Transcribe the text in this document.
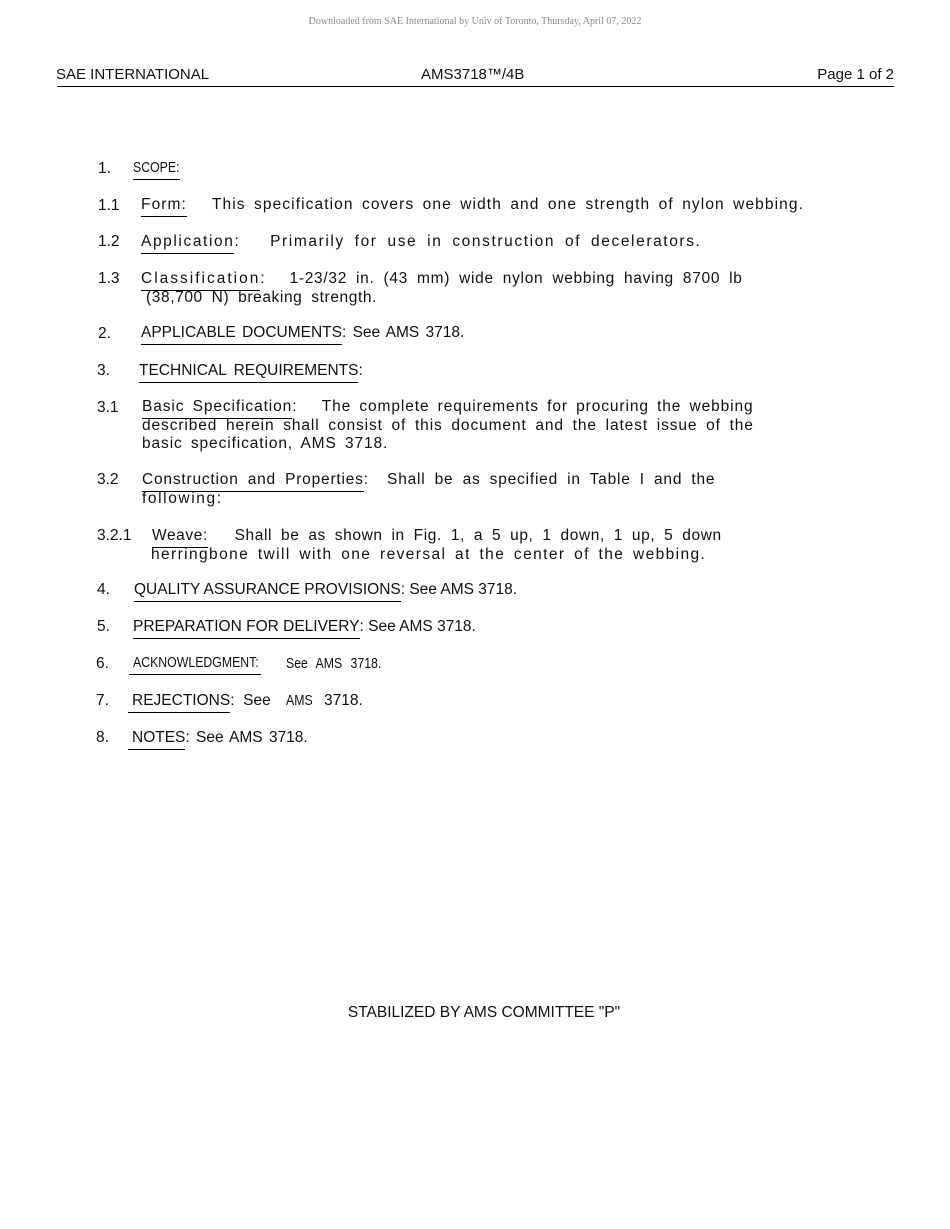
Downloaded from SAE International by Univ of Toronto, Thursday, April 07, 2022
SAE INTERNATIONAL	AMS3718™/4B	Page 1 of 2
1. SCOPE:
1.1 Form: This specification covers one width and one strength of nylon webbing.
1.2 Application: Primarily for use in construction of decelerators.
1.3 Classification: 1-23/32 in. (43 mm) wide nylon webbing having 8700 lb
(38,700 N) breaking strength.
2. APPLICABLE DOCUMENTS: See AMS 3718.
3. TECHNICAL REQUIREMENTS:
3.1 Basic Specification: The complete requirements for procuring the webbing
described herein shall consist of this document and the latest issue of the
basic specification, AMS 3718.
3.2 Construction and Properties:  Shall be as specified in Table I and the
following:
3.2.1 Weave: Shall be as shown in Fig. 1, a 5 up, 1 down, 1 up, 5 down
herringbone twill with one reversal at the center of the webbing.
4. QUALITY ASSURANCE PROVISIONS: See AMS 3718.
5. PREPARATION FOR DELIVERY: See AMS 3718.
6. ACKNOWLEDGMENT: See AMS 3718.
7. REJECTIONS:  See AMS 3718.
8. NOTES: See AMS 3718.
STABILIZED BY AMS COMMITTEE "P"
